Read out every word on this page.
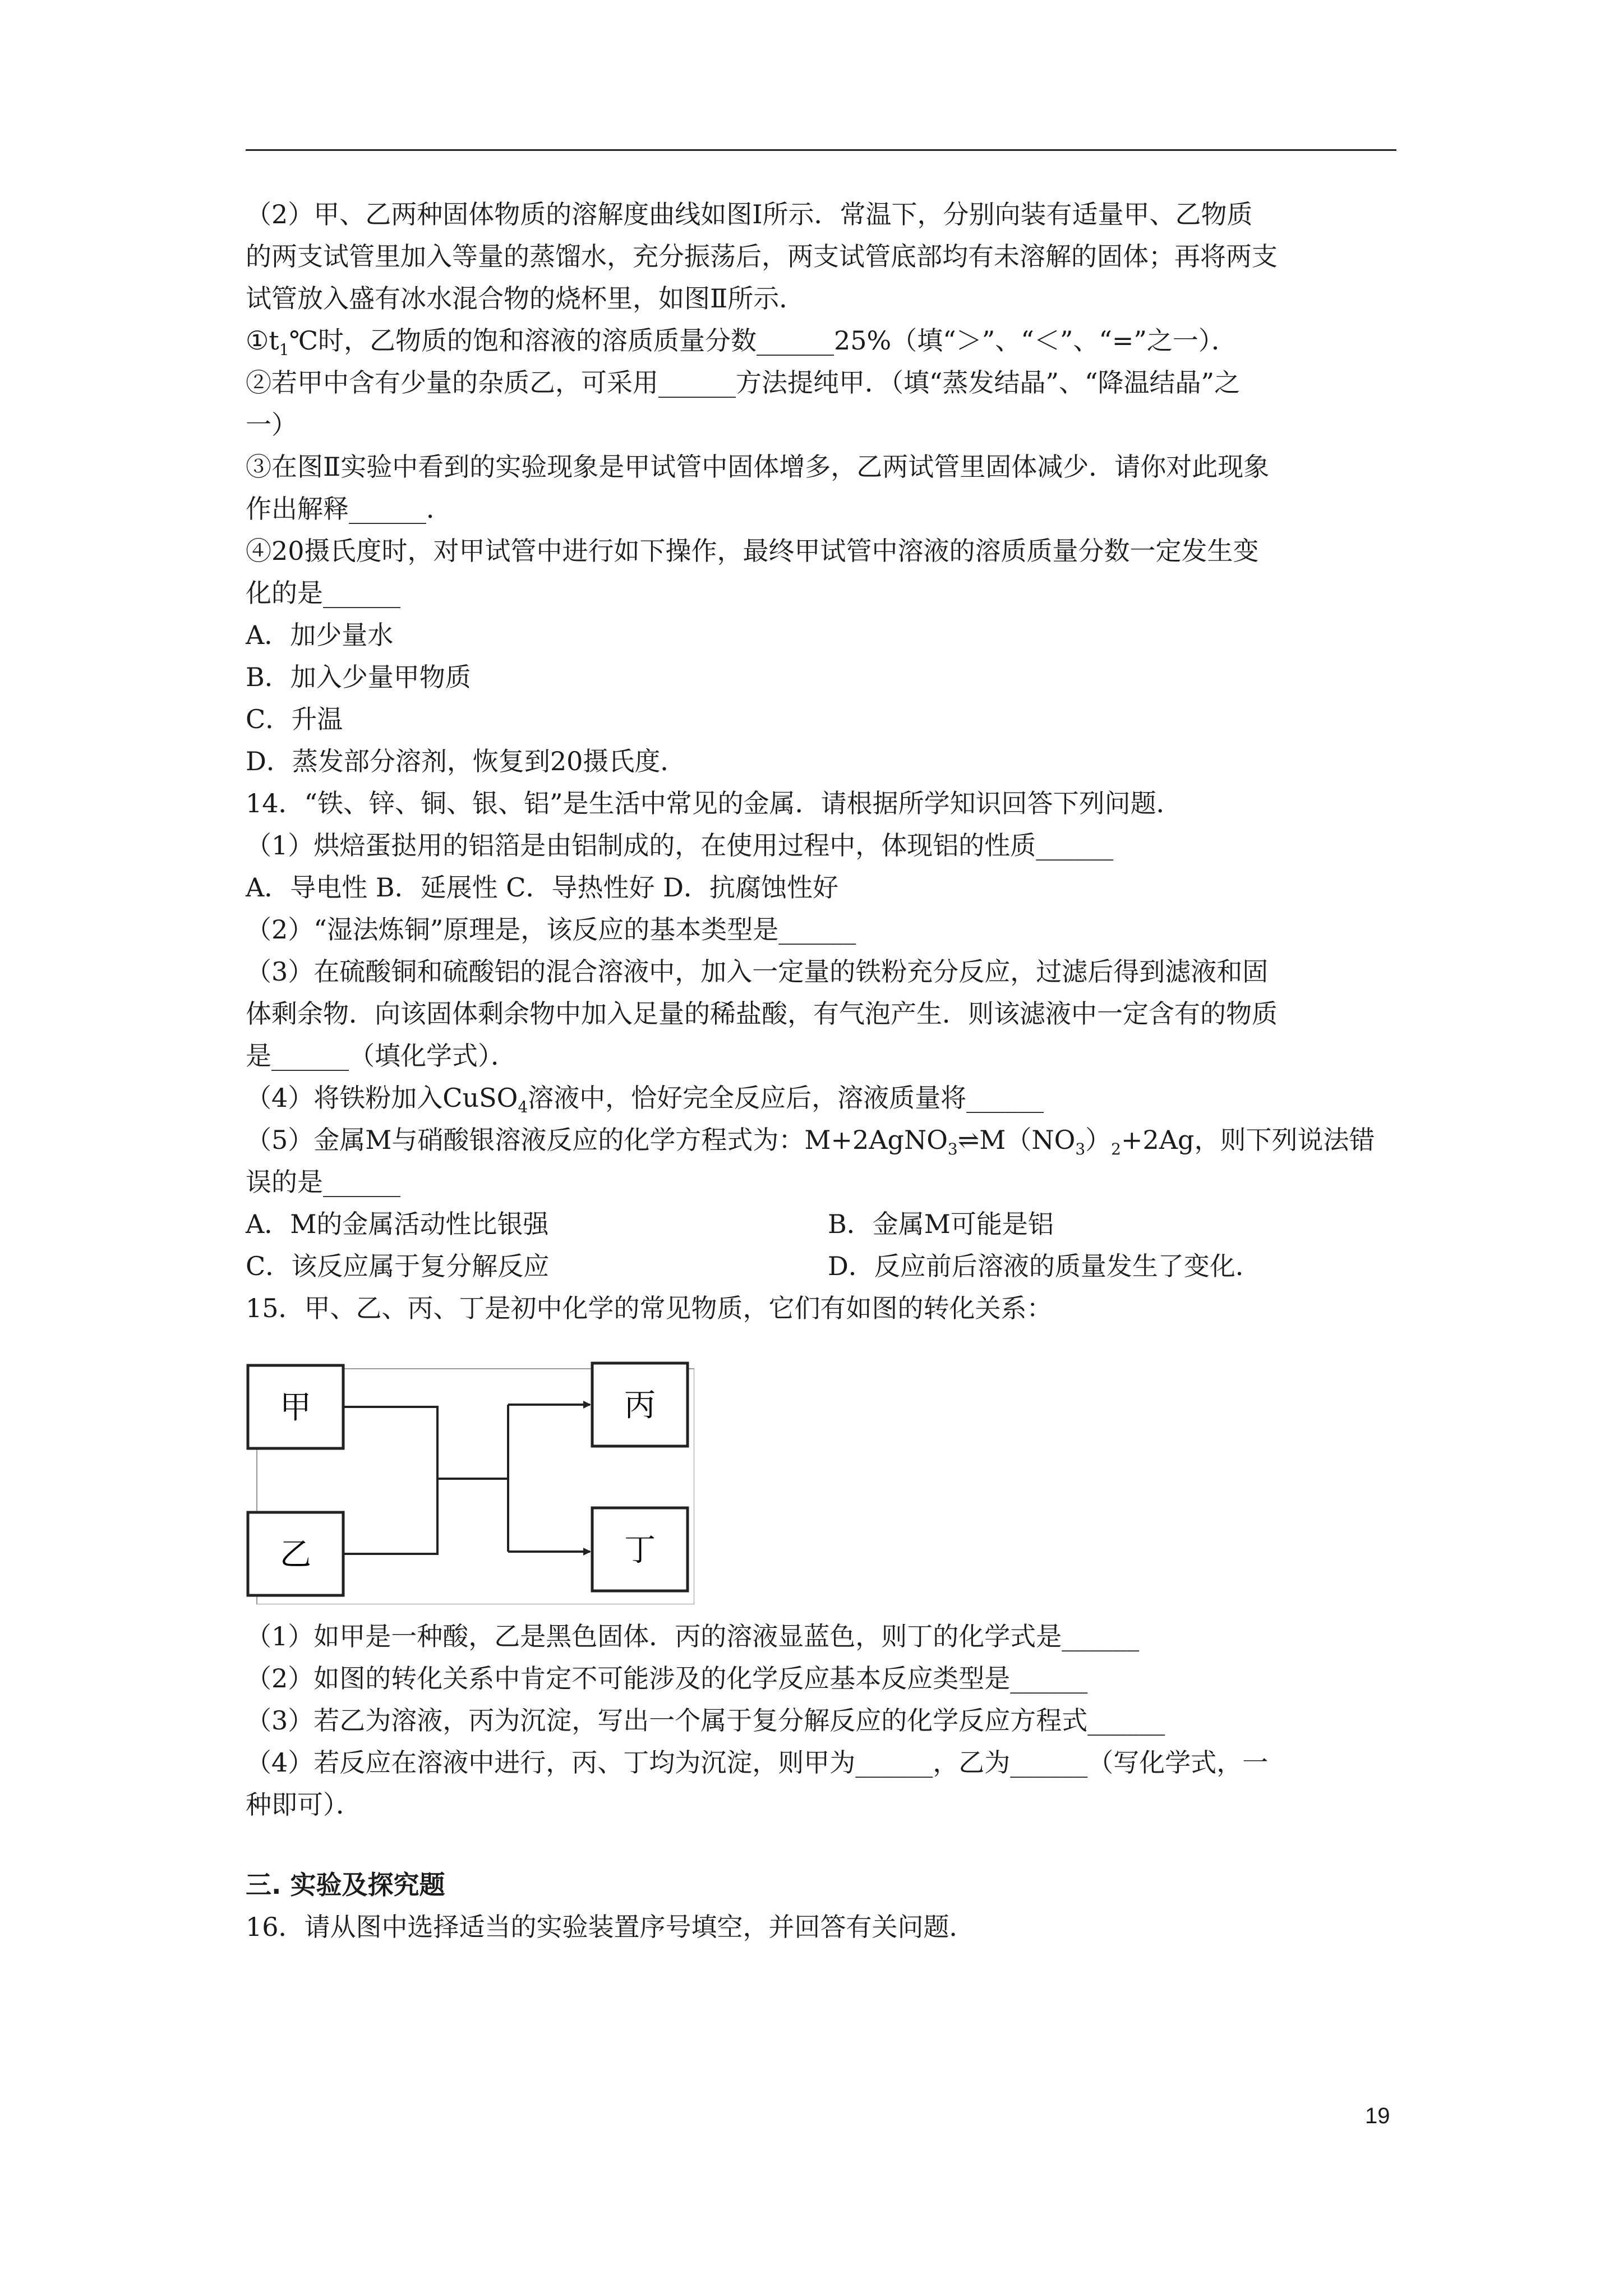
（2）甲、乙两种固体物质的溶解度曲线如图Ⅰ所示．常温下，分别向装有适量甲、乙物质
的两支试管里加入等量的蒸馏水，充分振荡后，两支试管底部均有未溶解的固体；再将两支
试管放入盛有冰水混合物的烧杯里，如图Ⅱ所示．
$①t_1℃$时，乙物质的饱和溶液的溶质质量分数______25%（填“＞”、“＜”、“=”之一）．
②若甲中含有少量的杂质乙，可采用______方法提纯甲．（填“蒸发结晶”、“降温结晶”之
一）
③在图Ⅱ实验中看到的实验现象是甲试管中固体增多，乙两试管里固体减少．请你对此现象
作出解释______．
④20摄氏度时，对甲试管中进行如下操作，最终甲试管中溶液的溶质质量分数一定发生变
化的是______
A．加少量水
B．加入少量甲物质
C．升温
D．蒸发部分溶剂，恢复到20摄氏度．
14．“铁、锌、铜、银、铝”是生活中常见的金属．请根据所学知识回答下列问题．
（1）烘焙蛋挞用的铝箔是由铝制成的，在使用过程中，体现铝的性质______
A．导电性 B．延展性 C．导热性好 D．抗腐蚀性好
（2）“湿法炼铜”原理是，该反应的基本类型是______
（3）在硫酸铜和硫酸铝的混合溶液中，加入一定量的铁粉充分反应，过滤后得到滤液和固
体剩余物．向该固体剩余物中加入足量的稀盐酸，有气泡产生．则该滤液中一定含有的物质
是______（填化学式）．
（4）将铁粉加入CuSO$_4$溶液中，恰好完全反应后，溶液质量将______
（5）金属M与硝酸银溶液反应的化学方程式为：$M+2AgNO_3\rightleftharpoons M(NO_3)_2+2Ag$，则下列说法错
误的是______
A．M的金属活动性比银强	B．金属M可能是铝
C．该反应属于复分解反应	D．反应前后溶液的质量发生了变化．
15．甲、乙、丙、丁是初中化学的常见物质，它们有如图的转化关系：
甲
乙
丙
丁
（1）如甲是一种酸，乙是黑色固体．丙的溶液显蓝色，则丁的化学式是______
（2）如图的转化关系中肯定不可能涉及的化学反应基本反应类型是______
（3）若乙为溶液，丙为沉淀，写出一个属于复分解反应的化学反应方程式______
（4）若反应在溶液中进行，丙、丁均为沉淀，则甲为______，乙为______（写化学式，一
种即可）．
三. 实验及探究题
16．请从图中选择适当的实验装置序号填空，并回答有关问题．
19
